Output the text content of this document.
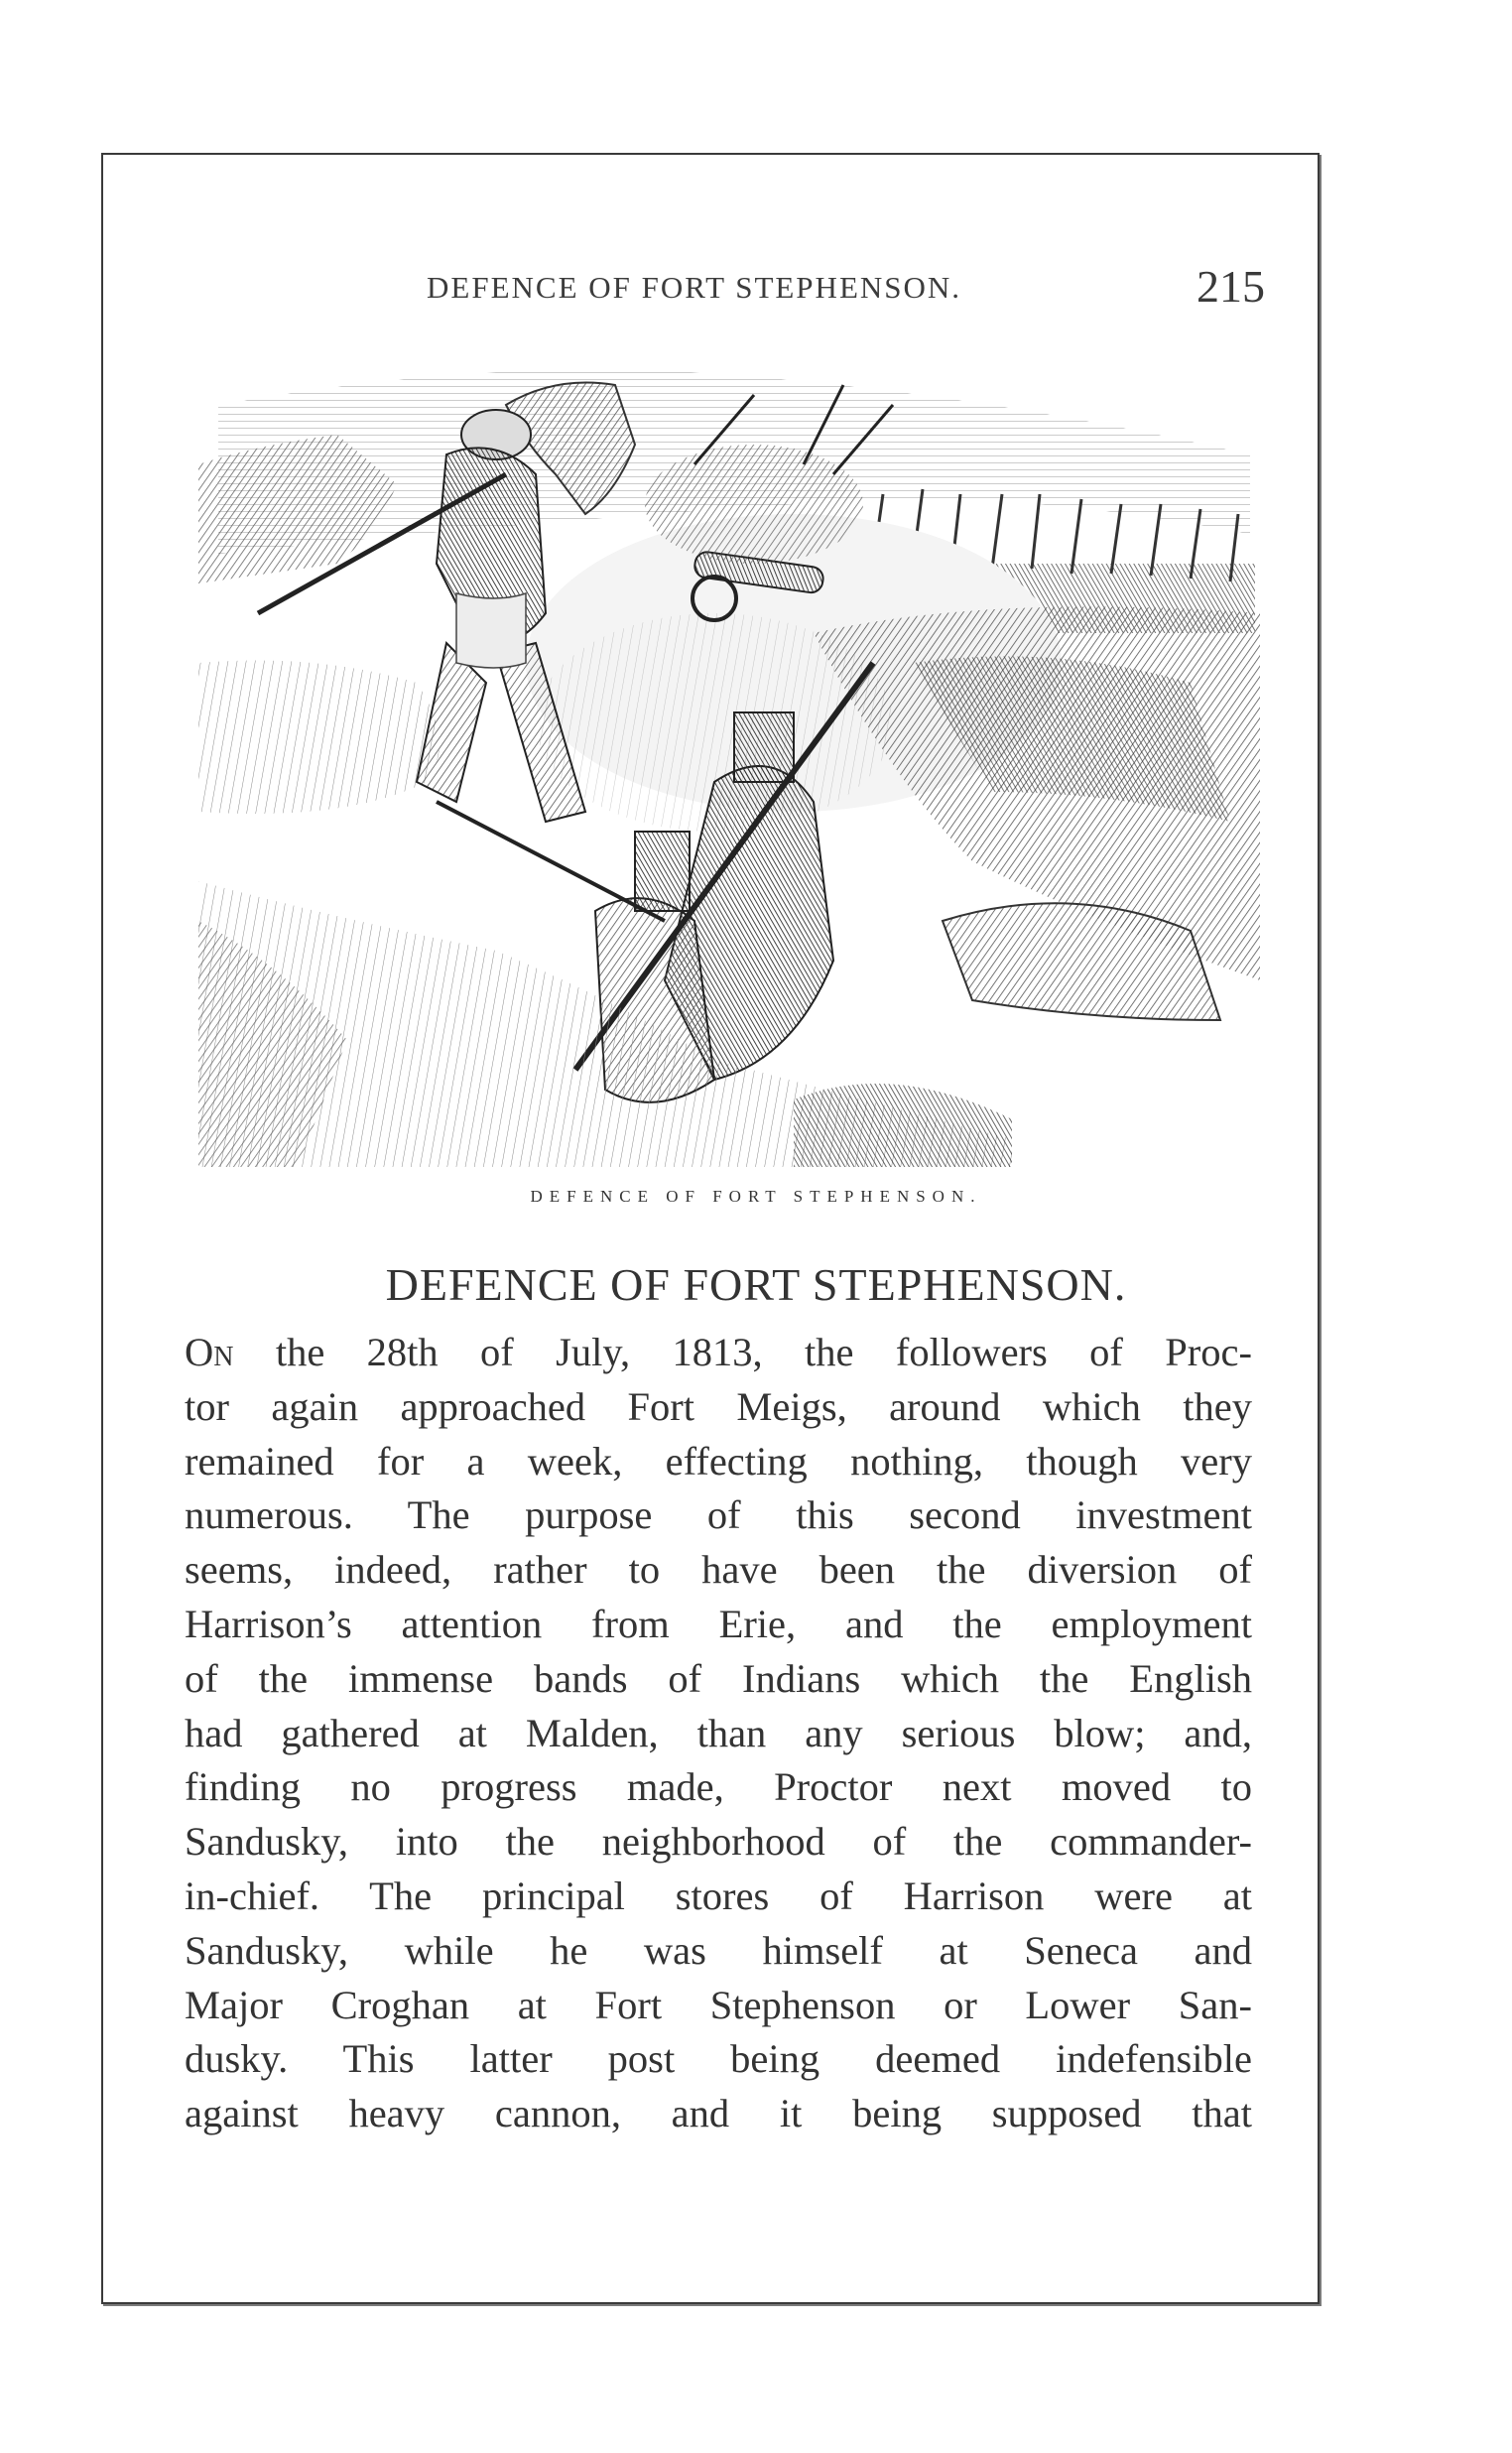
DEFENCE OF FORT STEPHENSON.	215
DEFENCE OF FORT STEPHENSON.
DEFENCE OF FORT STEPHENSON.
On the 28th of July, 1813, the followers of Proc-
tor again approached Fort Meigs, around which they
remained for a week, effecting nothing, though very
numerous. The purpose of this second investment
seems, indeed, rather to have been the diversion of
Harrison’s attention from Erie, and the employment
of the immense bands of Indians which the English
had gathered at Malden, than any serious blow; and,
finding no progress made, Proctor next moved to
Sandusky, into the neighborhood of the commander-
in-chief. The principal stores of Harrison were at
Sandusky, while he was himself at Seneca and
Major Croghan at Fort Stephenson or Lower San-
dusky. This latter post being deemed indefensible
against heavy cannon, and it being supposed that
